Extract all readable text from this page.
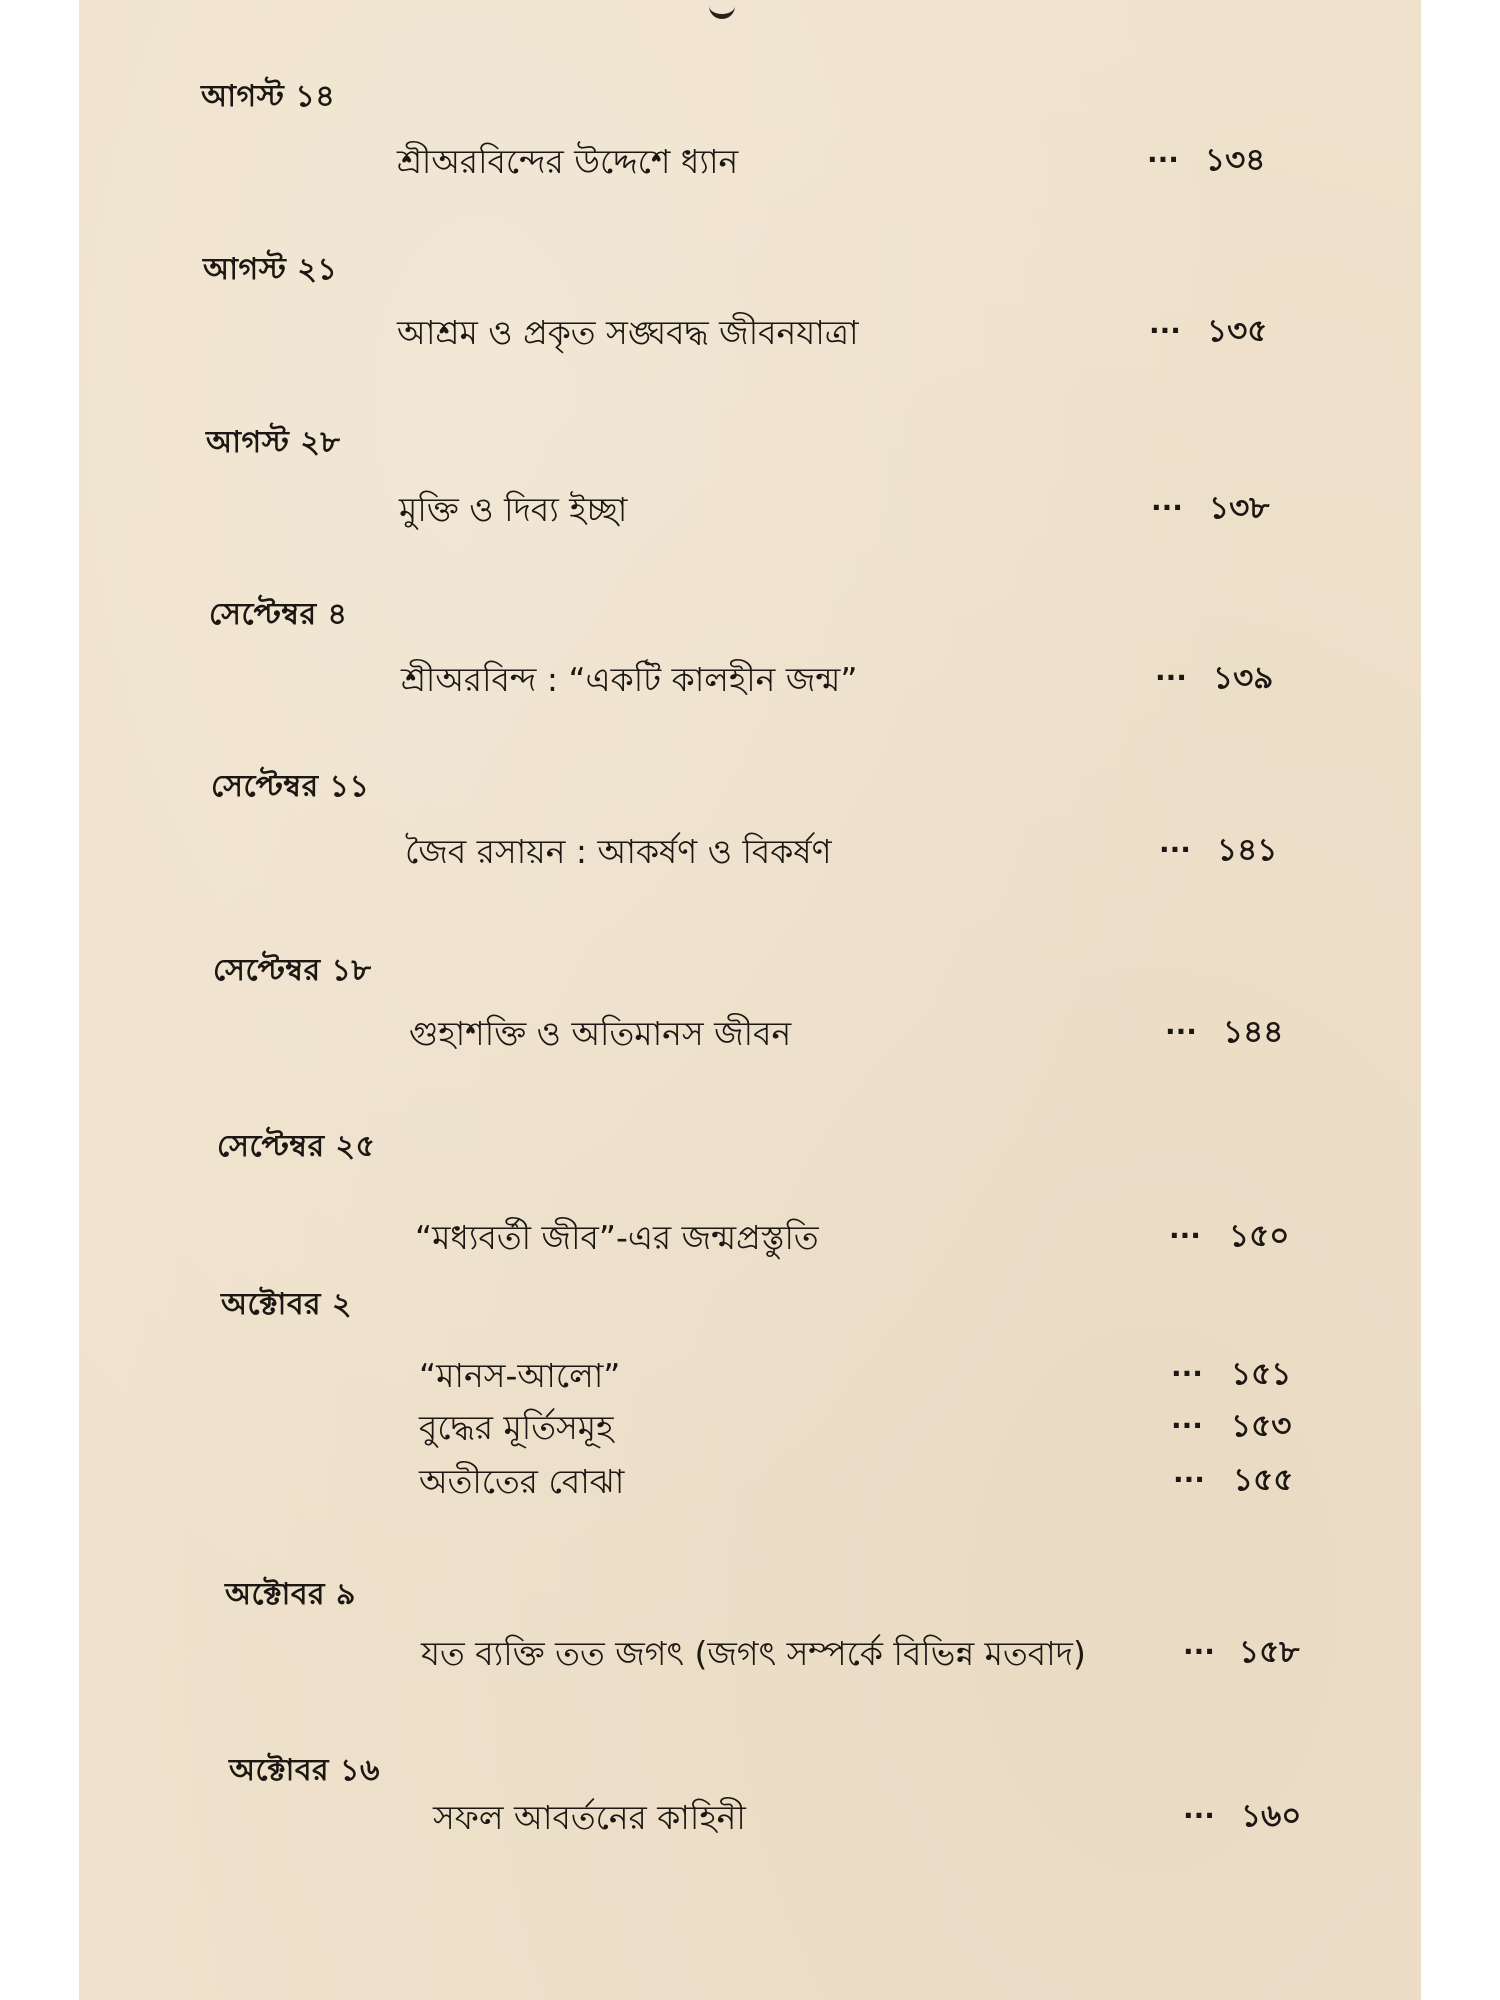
আগস্ট ১৪
শ্রীঅরবিন্দের উদ্দেশে ধ্যান	... ১৩৪
আগস্ট ২১
আশ্রম ও প্রকৃত সঙ্ঘবদ্ধ জীবনযাত্রা	... ১৩৫
আগস্ট ২৮
মুক্তি ও দিব্য ইচ্ছা	... ১৩৮
সেপ্টেম্বর ৪
শ্রীঅরবিন্দ : “একটি কালহীন জন্ম”	... ১৩৯
সেপ্টেম্বর ১১
জৈব রসায়ন : আকর্ষণ ও বিকর্ষণ	... ১৪১
সেপ্টেম্বর ১৮
গুহাশক্তি ও অতিমানস জীবন	... ১৪৪
সেপ্টেম্বর ২৫
“মধ্যবর্তী জীব”-এর জন্মপ্রস্তুতি	... ১৫০
অক্টোবর ২
“মানস-আলো”	... ১৫১
বুদ্ধের মূর্তিসমূহ	... ১৫৩
অতীতের বোঝা	... ১৫৫
অক্টোবর ৯
যত ব্যক্তি তত জগৎ (জগৎ সম্পর্কে বিভিন্ন মতবাদ)	... ১৫৮
অক্টোবর ১৬
সফল আবর্তনের কাহিনী	... ১৬০
